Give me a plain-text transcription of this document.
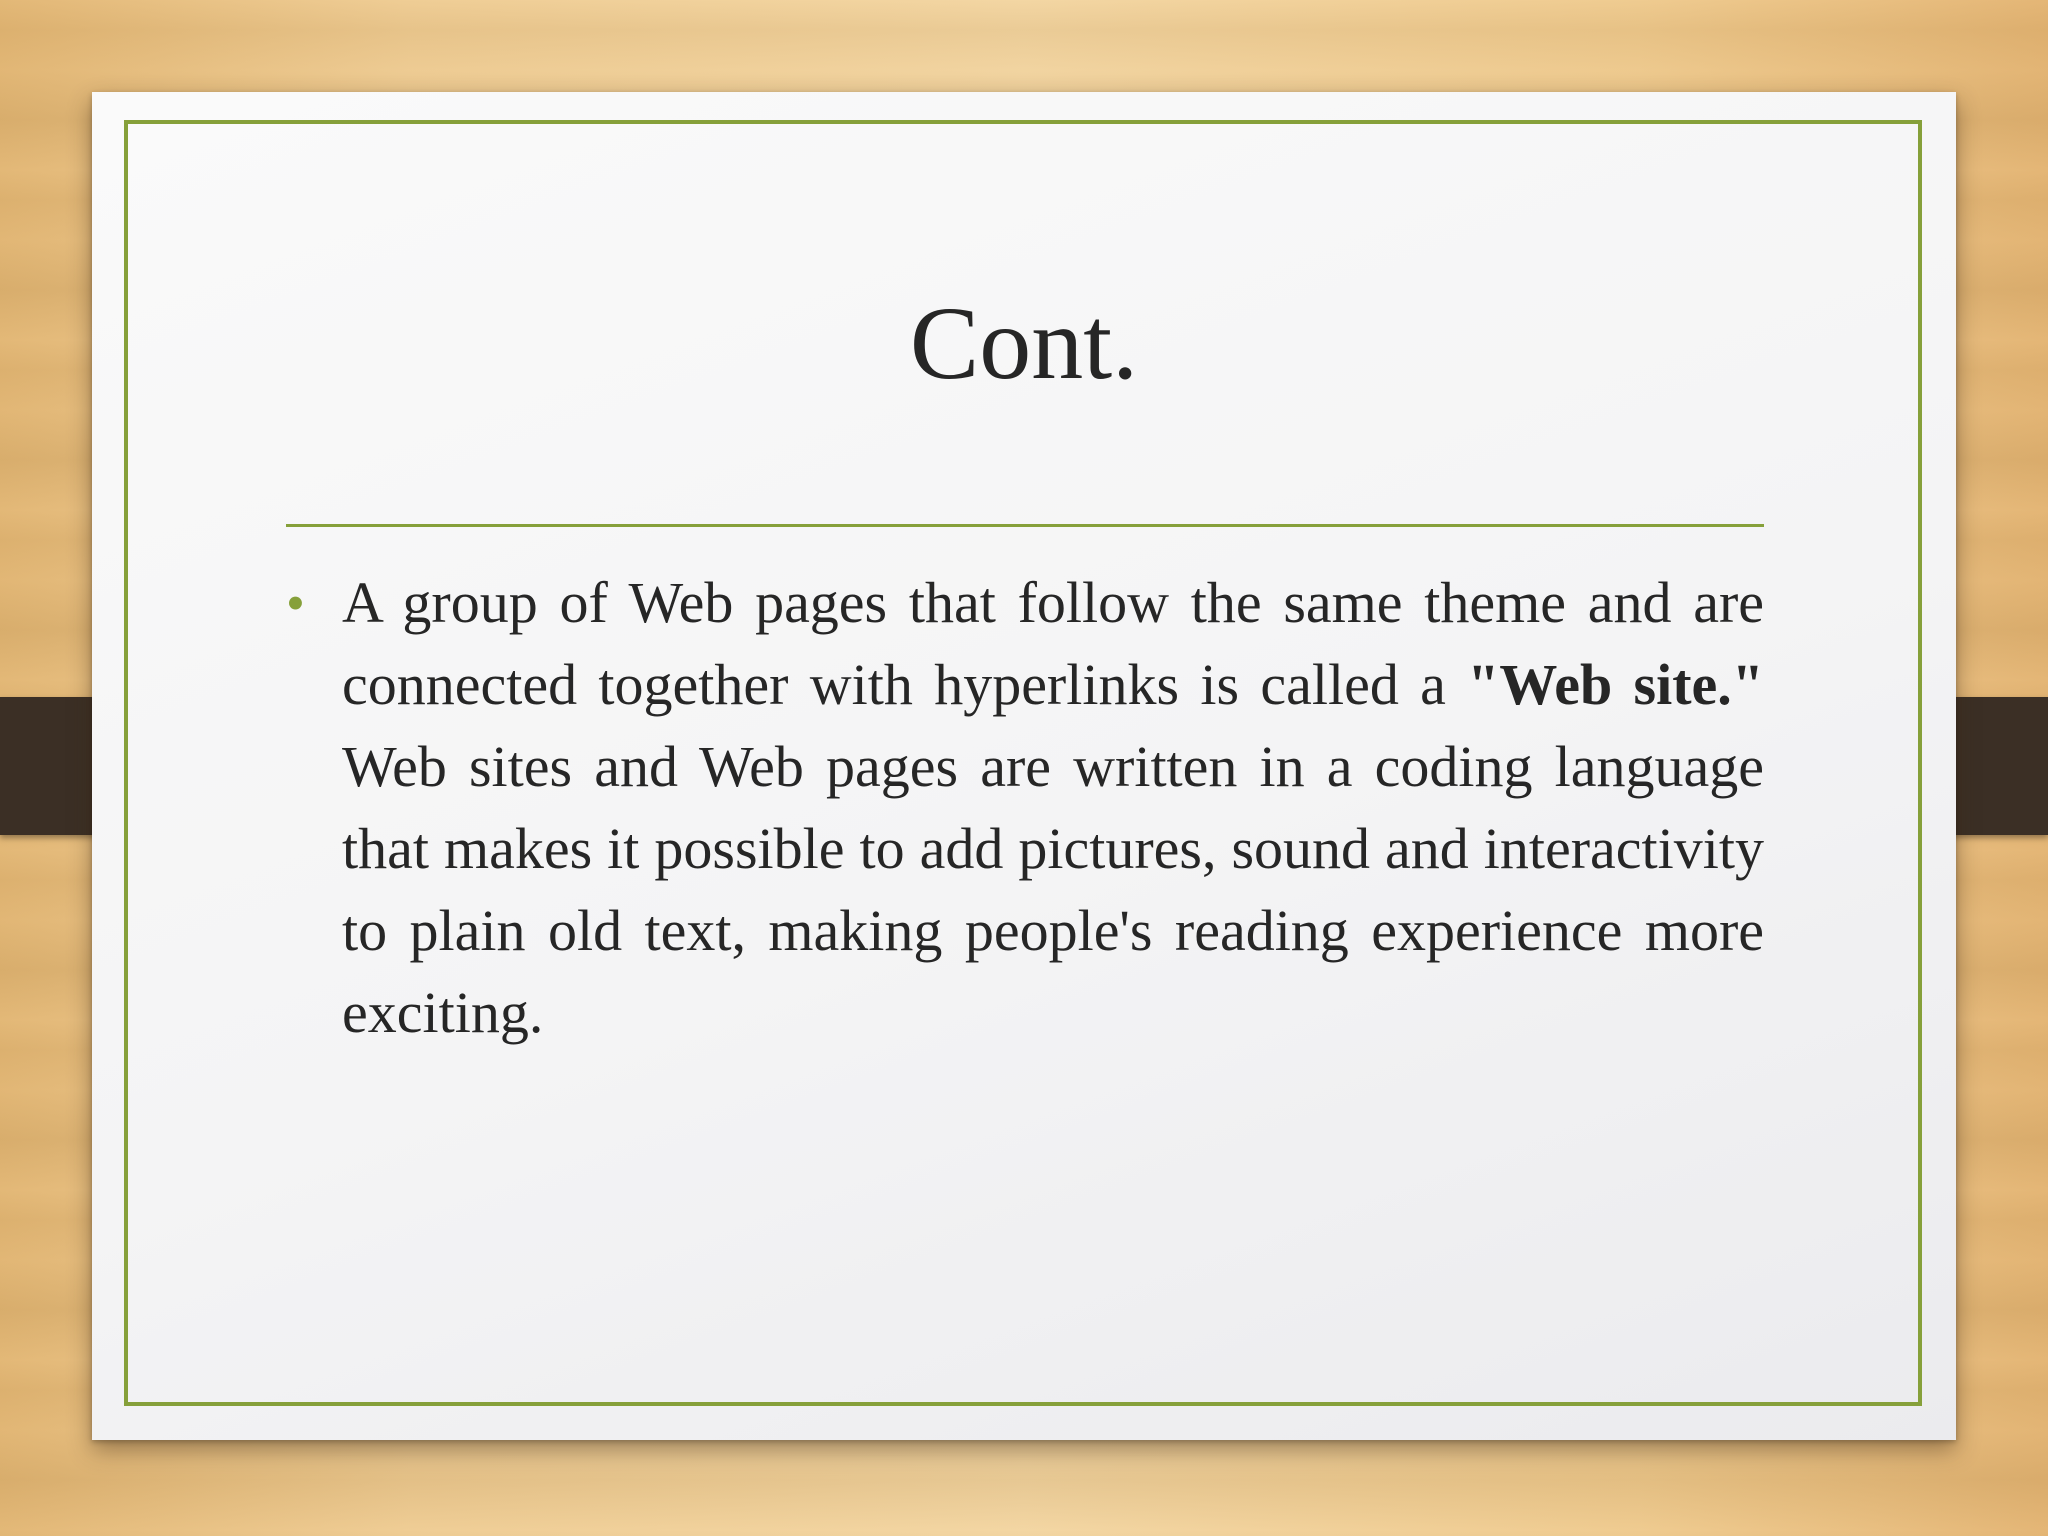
Cont.
• A group of Web pages that follow the same theme and are connected together with hyperlinks is called a "Web site." Web sites and Web pages are written in a coding language that makes it possible to add pictures, sound and interactivity to plain old text, making people's reading experience more exciting.
